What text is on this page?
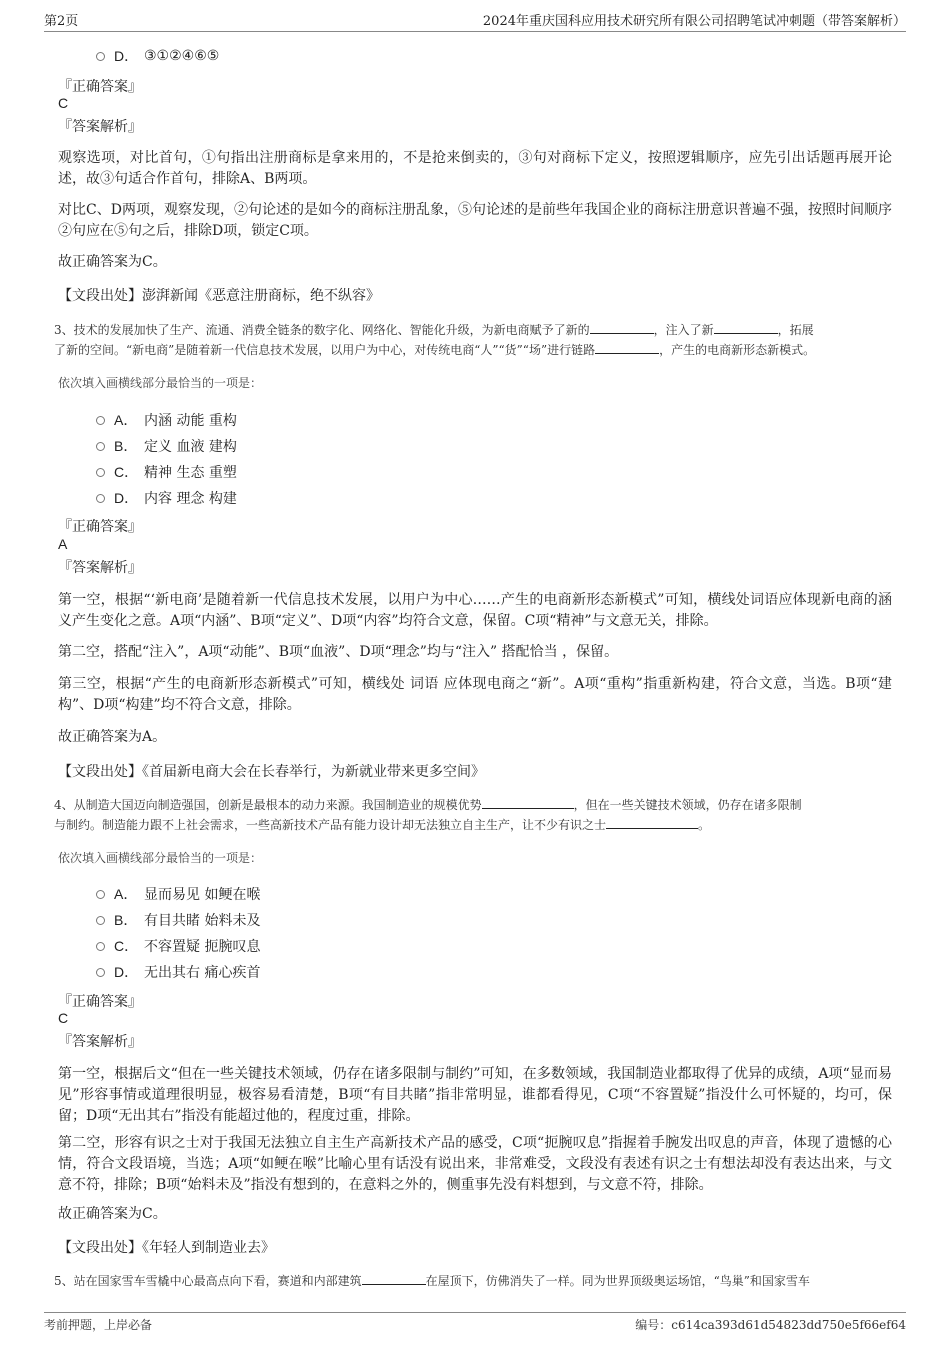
第2页	2024年重庆国科应用技术研究所有限公司招聘笔试冲刺题（带答案解析）
D． ③①②④⑥⑤
『正确答案』
C
『答案解析』
观察选项，对比首句，①句指出注册商标是拿来用的，不是抢来倒卖的，③句对商标下定义，按照逻辑顺序，应先引出话题再展开论述，故③句适合作首句，排除A、B两项。
对比C、D两项，观察发现，②句论述的是如今的商标注册乱象，⑤句论述的是前些年我国企业的商标注册意识普遍不强，按照时间顺序②句应在⑤句之后，排除D项，锁定C项。
故正确答案为C。
【文段出处】澎湃新闻《恶意注册商标，绝不纵容》
3、技术的发展加快了生产、流通、消费全链条的数字化、网络化、智能化升级，为新电商赋予了新的	，注入了新	，拓展
了新的空间。“新电商”是随着新一代信息技术发展，以用户为中心，对传统电商“人”“货”“场”进行链路	，产生的电商新形态新模式。
依次填入画横线部分最恰当的一项是：
A． 内涵 动能 重构
B． 定义 血液 建构
C． 精神 生态 重塑
D． 内容 理念 构建
『正确答案』
A
『答案解析』
第一空，根据“‘新电商’是随着新一代信息技术发展，以用户为中心……产生的电商新形态新模式”可知，横线处词语应体现新电商的涵义产生变化之意。A项“内涵”、B项“定义”、D项“内容”均符合文意，保留。C项“精神”与文意无关，排除。
第二空，搭配“注入”，A项“动能”、B项“血液”、D项“理念”均与“注入” 搭配恰当 ，保留。
第三空，根据“产生的电商新形态新模式”可知，横线处 词语 应体现电商之“新”。A项“重构”指重新构建，符合文意，当选。B项“建构”、D项“构建”均不符合文意，排除。
故正确答案为A。
【文段出处】《首届新电商大会在长春举行，为新就业带来更多空间》
4、从制造大国迈向制造强国，创新是最根本的动力来源。我国制造业的规模优势	，但在一些关键技术领域，仍存在诸多限制
与制约。制造能力跟不上社会需求，一些高新技术产品有能力设计却无法独立自主生产，让不少有识之士	。
依次填入画横线部分最恰当的一项是：
A． 显而易见 如鲠在喉
B． 有目共睹 始料未及
C． 不容置疑 扼腕叹息
D． 无出其右 痛心疾首
『正确答案』
C
『答案解析』
第一空，根据后文“但在一些关键技术领域，仍存在诸多限制与制约”可知，在多数领域，我国制造业都取得了优异的成绩，A项“显而易见”形容事情或道理很明显，极容易看清楚，B项“有目共睹”指非常明显，谁都看得见，C项“不容置疑”指没什么可怀疑的，均可，保留；D项“无出其右”指没有能超过他的，程度过重，排除。
第二空，形容有识之士对于我国无法独立自主生产高新技术产品的感受，C项“扼腕叹息”指握着手腕发出叹息的声音，体现了遗憾的心情，符合文段语境，当选；A项“如鲠在喉”比喻心里有话没有说出来，非常难受，文段没有表述有识之士有想法却没有表达出来，与文意不符，排除；B项“始料未及”指没有想到的，在意料之外的，侧重事先没有料想到，与文意不符，排除。
故正确答案为C。
【文段出处】《年轻人到制造业去》
5、站在国家雪车雪橇中心最高点向下看，赛道和内部建筑	在屋顶下，仿佛消失了一样。同为世界顶级奥运场馆，“鸟巢”和国家雪车
考前押题，上岸必备	编号：c614ca393d61d54823dd750e5f66ef64
